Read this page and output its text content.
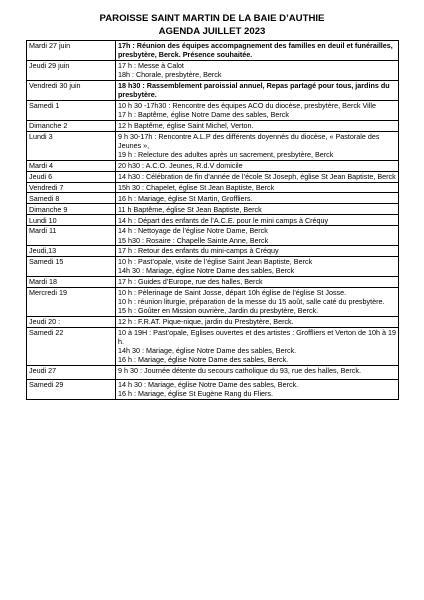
PAROISSE SAINT MARTIN DE LA BAIE D’AUTHIE
AGENDA JUILLET 2023
Mardi 27 juin	17h : Réunion des équipes accompagnement des familles en deuil et funérailles, presbytère, Berck. Présence souhaitée.

Jeudi 29 juin	17 h : Messe à Calot
18h : Chorale, presbytère, Berck

Vendredi 30 juin	18 h30 : Rassemblement paroissial annuel, Repas partagé pour tous, jardins du presbytère.

Samedi 1	10 h 30 -17h30 : Rencontre des équipes ACO du diocèse, presbytère, Berck Ville
17 h : Baptême, église Notre Dame des sables, Berck

Dimanche 2	12 h Baptême, église Saint Michel, Verton.

Lundi 3	9 h 30-17h : Rencontre A.L.P des différents doyennés du diocèse, « Pastorale des Jeunes »,
19 h : Relecture des adultes après un sacrement, presbytère, Berck

Mardi 4	20 h30 : A.C.O. Jeunes, R.d.V domicile

Jeudi 6	14 h30 : Célébration de fin d’année de l’école St Joseph, église St Jean Baptiste, Berck

Vendredi 7	15h 30 : Chapelet, église St Jean Baptiste, Berck

Samedi 8	16 h : Mariage, église St Martin, Groffliers.

Dimanche 9	11 h Baptême, église St Jean Baptiste, Berck

Lundi 10	14 h : Départ des enfants de l’A.C.E. pour le mini camps à Créquy

Mardi 11	14 h : Nettoyage de l’église Notre Dame, Berck
15 h30 : Rosaire : Chapelle Sainte Anne, Berck

Jeudi,13	17 h : Retour des enfants du mini-camps à Créquy

Samedi 15	10 h : Past’opale, visite de l’église Saint Jean Baptiste, Berck
14h 30 : Mariage, église Notre Dame des sables, Berck

Mardi 18	17 h : Guides d’Europe, rue des halles, Berck

Mercredi 19	10 h : Pèlerinage de Saint Josse, départ 10h église de l’église St Josse.
10 h : réunion liturgie, préparation de la messe du 15 août, salle caté du presbytère.
15 h : Goûter en Mission ouvrière, Jardin du presbytère, Berck.

Jeudi 20 :	12 h : F.R.AT. Pique-nique, jardin du Presbytère, Berck.

Samedi 22	10 à 19H : Past’opale, Eglises ouvertes et des artistes : Groffliers et Verton de 10h à 19 h.
14h 30 : Mariage, église Notre Dame des sables, Berck.
16 h : Mariage, église Notre Dame des sables, Berck.

Jeudi 27	9 h 30 : Journée détente du secours catholique du 93, rue des halles, Berck.

Samedi 29	14 h 30 : Mariage, église Notre Dame des sables, Berck.
16 h : Mariage, église St Eugène Rang du Fliers.
